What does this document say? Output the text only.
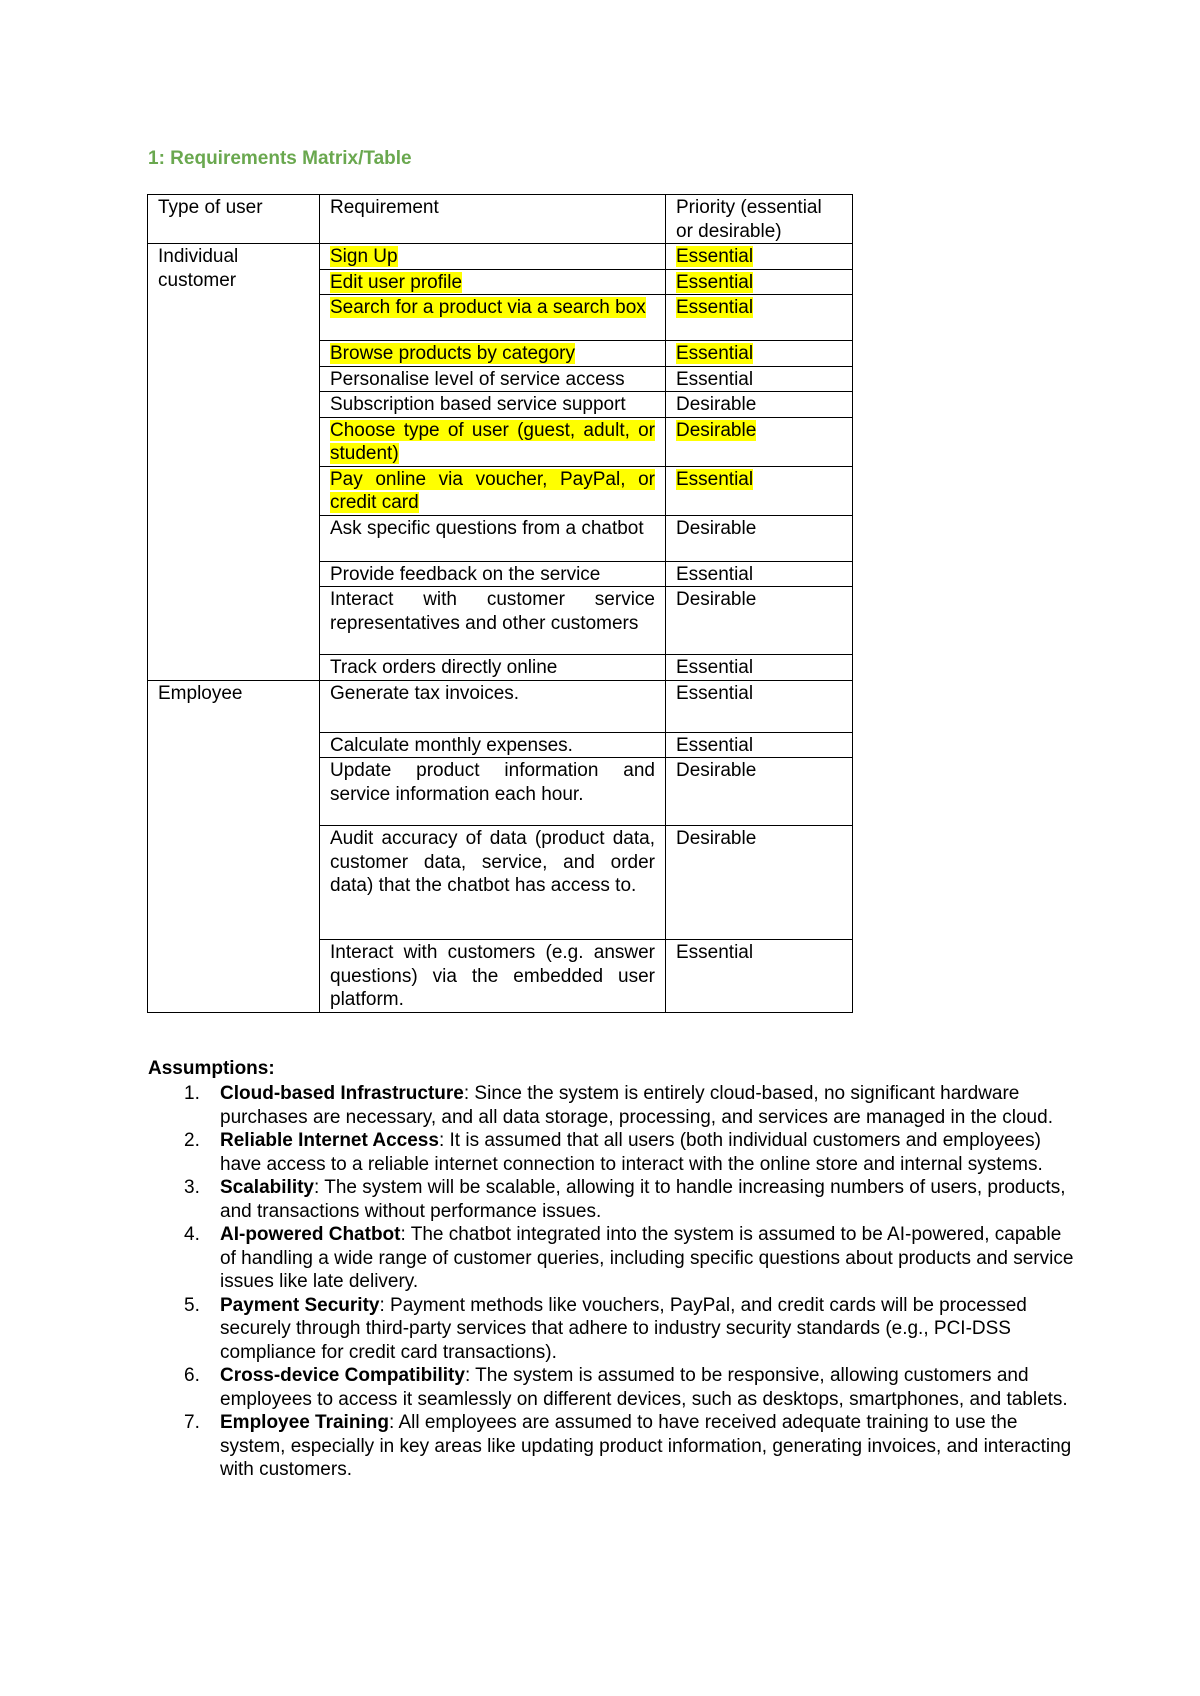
1: Requirements Matrix/Table
Type of user	Requirement	Priority (essential or desirable)
Individual customer	Sign Up	Essential
	Edit user profile	Essential
	Search for a product via a search box	Essential
	Browse products by category	Essential
	Personalise level of service access	Essential
	Subscription based service support	Desirable
	Choose type of user (guest, adult, or student)	Desirable
	Pay online via voucher, PayPal, or credit card	Essential
	Ask specific questions from a chatbot	Desirable
	Provide feedback on the service	Essential
	Interact with customer service representatives and other customers	Desirable
	Track orders directly online	Essential
Employee	Generate tax invoices.	Essential
	Calculate monthly expenses.	Essential
	Update product information and service information each hour.	Desirable
	Audit accuracy of data (product data, customer data, service, and order data) that the chatbot has access to.	Desirable
	Interact with customers (e.g. answer questions) via the embedded user platform.	Essential
Assumptions:
1. Cloud-based Infrastructure: Since the system is entirely cloud-based, no significant hardware purchases are necessary, and all data storage, processing, and services are managed in the cloud.
2. Reliable Internet Access: It is assumed that all users (both individual customers and employees) have access to a reliable internet connection to interact with the online store and internal systems.
3. Scalability: The system will be scalable, allowing it to handle increasing numbers of users, products, and transactions without performance issues.
4. AI-powered Chatbot: The chatbot integrated into the system is assumed to be AI-powered, capable of handling a wide range of customer queries, including specific questions about products and service issues like late delivery.
5. Payment Security: Payment methods like vouchers, PayPal, and credit cards will be processed securely through third-party services that adhere to industry security standards (e.g., PCI-DSS compliance for credit card transactions).
6. Cross-device Compatibility: The system is assumed to be responsive, allowing customers and employees to access it seamlessly on different devices, such as desktops, smartphones, and tablets.
7. Employee Training: All employees are assumed to have received adequate training to use the system, especially in key areas like updating product information, generating invoices, and interacting with customers.
